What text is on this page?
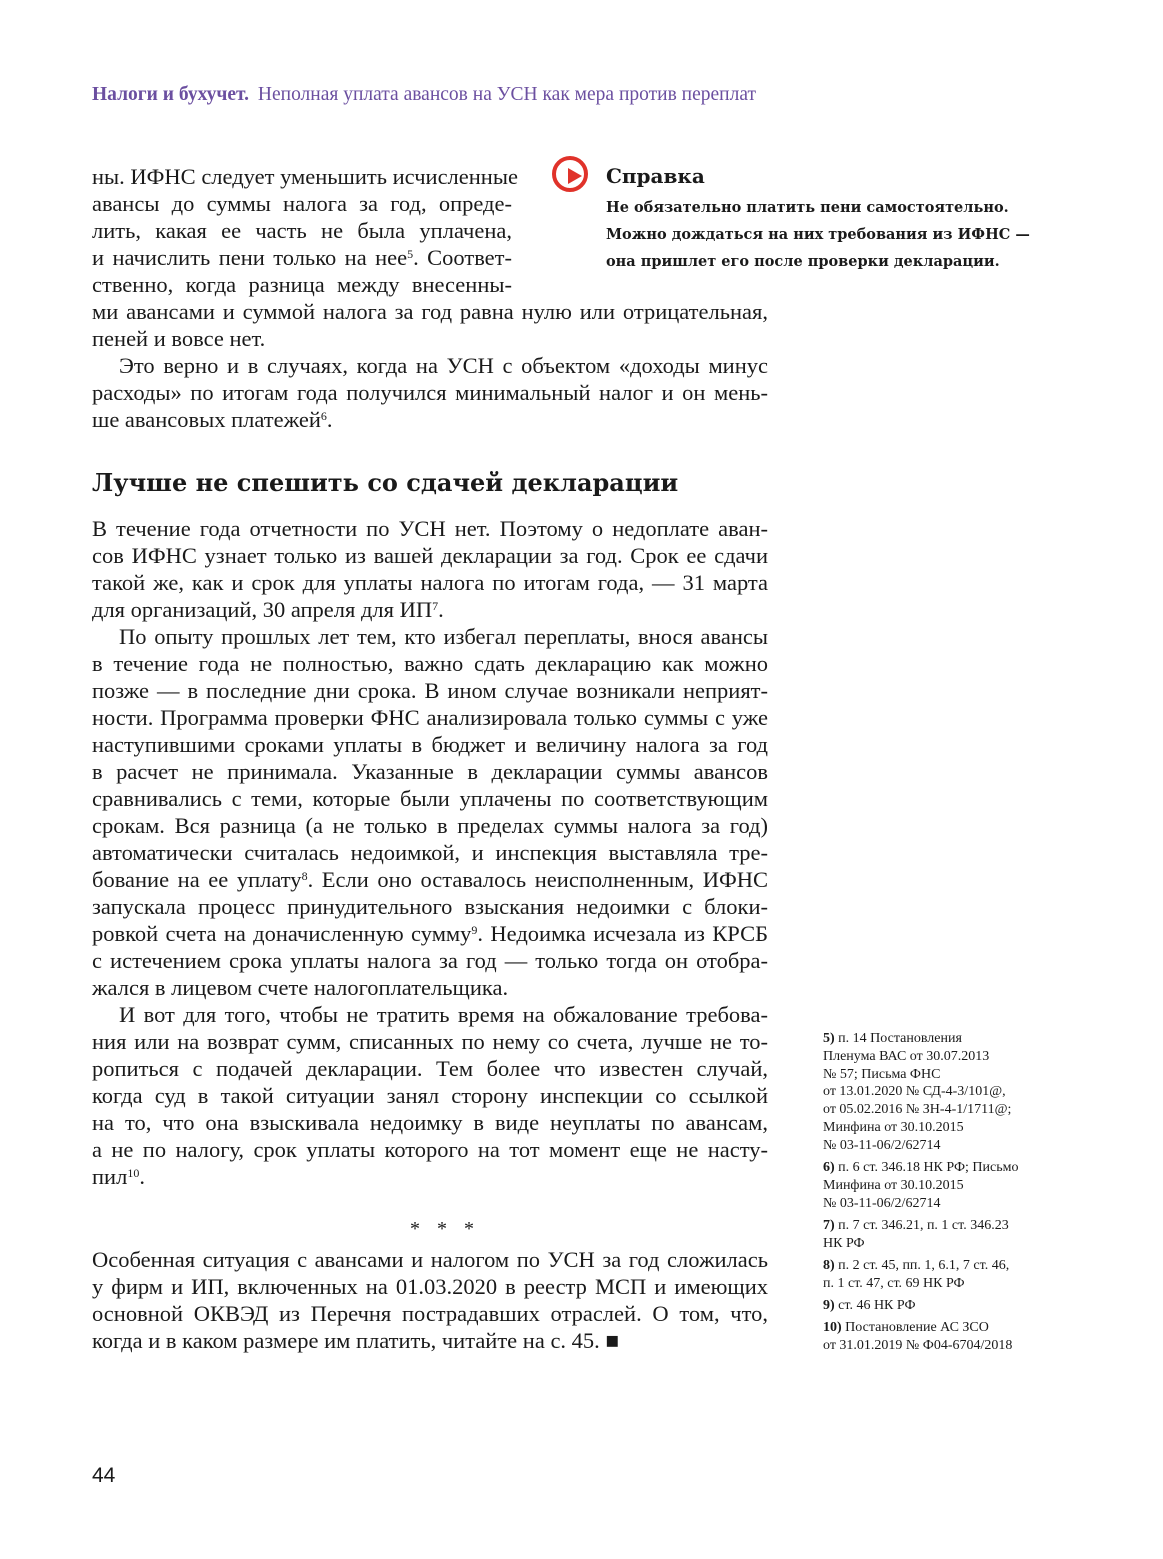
Налоги и бухучет. Неполная уплата авансов на УСН как мера против переплат
Справка
Не обязательно платить пени самостоятельно.
Можно дождаться на них требования из ИФНС —
она пришлет его после проверки декларации.
ны. ИФНС следует уменьшить исчисленные
авансы до суммы налога за год, опреде-
лить, какая ее часть не была уплачена,
и начислить пени только на нее$^5$. Соответ-
ственно, когда разница между внесенны-
ми авансами и суммой налога за год равна нулю или отрицательная,
пеней и вовсе нет.
Это верно и в случаях, когда на УСН с объектом «доходы минус
расходы» по итогам года получился минимальный налог и он мень-
ше авансовых платежей$^6$.
В течение года отчетности по УСН нет. Поэтому о недоплате аван-
сов ИФНС узнает только из вашей декларации за год. Срок ее сдачи
такой же, как и срок для уплаты налога по итогам года, — 31 марта
для организаций, 30 апреля для $ИП^7$.
По опыту прошлых лет тем, кто избегал переплаты, внося авансы
в течение года не полностью, важно сдать декларацию как можно
позже — в последние дни срока. В ином случае возникали неприят-
ности. Программа проверки ФНС анализировала только суммы с уже
наступившими сроками уплаты в бюджет и величину налога за год
в расчет не принимала. Указанные в декларации суммы авансов
сравнивались с теми, которые были уплачены по соответствующим
срокам. Вся разница (а не только в пределах суммы налога за год)
автоматически считалась недоимкой, и инспекция выставляла тре-
бование на ее уплату$^8$. Если оно оставалось неисполненным, ИФНС
запускала процесс принудительного взыскания недоимки с блоки-
ровкой счета на доначисленную сумму$^9$. Недоимка исчезала из КРСБ
с истечением срока уплаты налога за год — только тогда он отобра-
жался в лицевом счете налогоплательщика.
И вот для того, чтобы не тратить время на обжалование требова-
ния или на возврат сумм, списанных по нему со счета, лучше не то-
ропиться с подачей декларации. Тем более что известен случай,
когда суд в такой ситуации занял сторону инспекции со ссылкой
на то, что она взыскивала недоимку в виде неуплаты по авансам,
а не по налогу, срок уплаты которого на тот момент еще не насту-
пил$^{10}$.
Особенная ситуация с авансами и налогом по УСН за год сложилась
у фирм и ИП, включенных на 01.03.2020 в реестр МСП и имеющих
основной ОКВЭД из Перечня пострадавших отраслей. О том, что,
когда и в каком размере им платить, читайте на с. 45. ■
Лучше не спешить со сдачей декларации
* * *
5) п. 14 Постановления
Пленума ВАС от 30.07.2013
№ 57; Письма ФНС
от 13.01.2020 № СД-4-3/101@,
от 05.02.2016 № ЗН-4-1/1711@;
Минфина от 30.10.2015
№ 03-11-06/2/62714
6) п. 6 ст. 346.18 НК РФ; Письмо
Минфина от 30.10.2015
№ 03-11-06/2/62714
7) п. 7 ст. 346.21, п. 1 ст. 346.23
НК РФ
8) п. 2 ст. 45, пп. 1, 6.1, 7 ст. 46,
п. 1 ст. 47, ст. 69 НК РФ
9) ст. 46 НК РФ
10) Постановление АС ЗСО
от 31.01.2019 № Ф04-6704/2018
44
